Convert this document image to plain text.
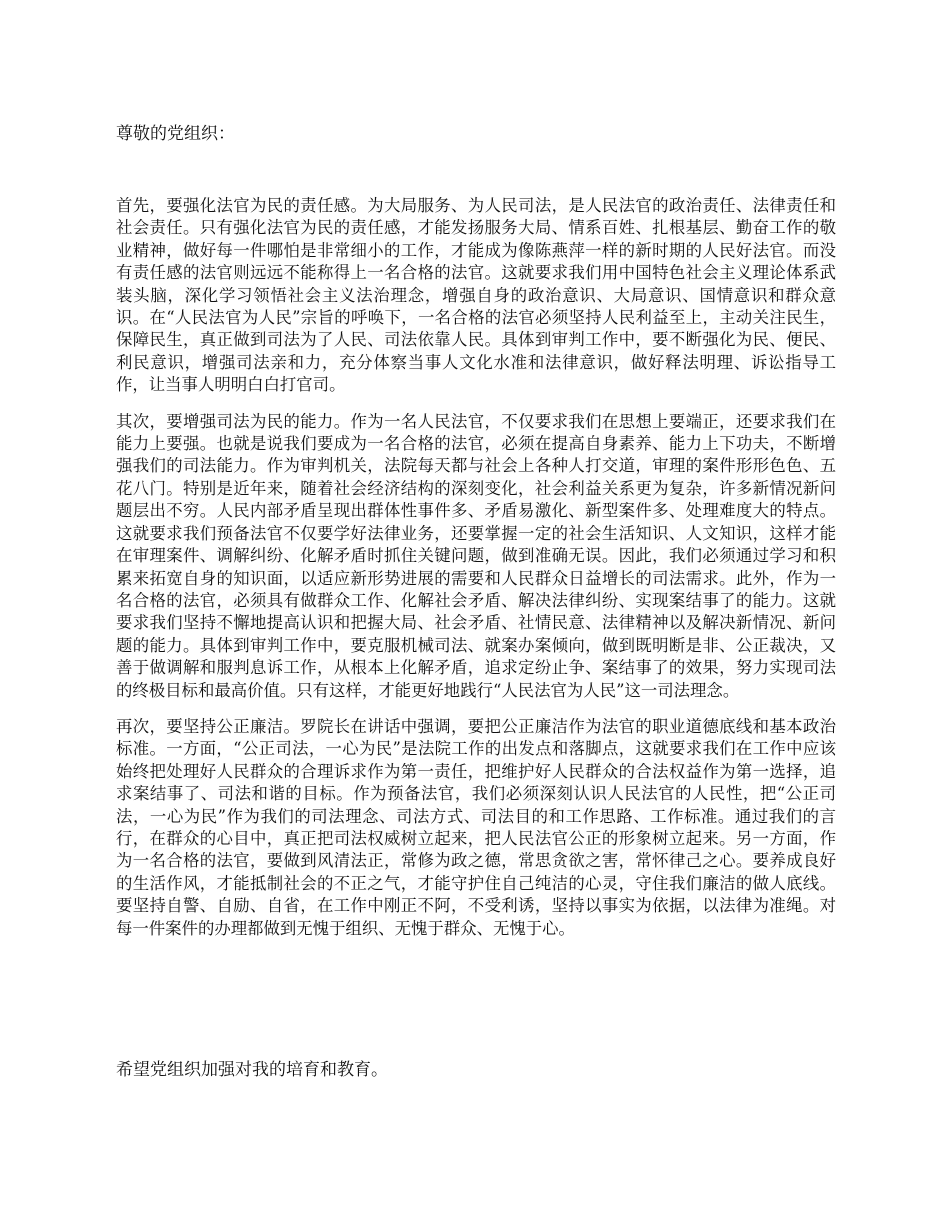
尊敬的党组织：

首先，要强化法官为民的责任感。为大局服务、为人民司法，是人民法官的政治责任、法律责任和社会责任。只有强化法官为民的责任感，才能发扬服务大局、情系百姓、扎根基层、勤奋工作的敬业精神，做好每一件哪怕是非常细小的工作，才能成为像陈燕萍一样的新时期的人民好法官。而没有责任感的法官则远远不能称得上一名合格的法官。这就要求我们用中国特色社会主义理论体系武装头脑，深化学习领悟社会主义法治理念，增强自身的政治意识、大局意识、国情意识和群众意识。在“人民法官为人民”宗旨的呼唤下，一名合格的法官必须坚持人民利益至上，主动关注民生，保障民生，真正做到司法为了人民、司法依靠人民。具体到审判工作中，要不断强化为民、便民、利民意识，增强司法亲和力，充分体察当事人文化水准和法律意识，做好释法明理、诉讼指导工作，让当事人明明白白打官司。

其次，要增强司法为民的能力。作为一名人民法官，不仅要求我们在思想上要端正，还要求我们在能力上要强。也就是说我们要成为一名合格的法官，必须在提高自身素养、能力上下功夫，不断增强我们的司法能力。作为审判机关，法院每天都与社会上各种人打交道，审理的案件形形色色、五花八门。特别是近年来，随着社会经济结构的深刻变化，社会利益关系更为复杂，许多新情况新问题层出不穷。人民内部矛盾呈现出群体性事件多、矛盾易激化、新型案件多、处理难度大的特点。这就要求我们预备法官不仅要学好法律业务，还要掌握一定的社会生活知识、人文知识，这样才能在审理案件、调解纠纷、化解矛盾时抓住关键问题，做到准确无误。因此，我们必须通过学习和积累来拓宽自身的知识面，以适应新形势进展的需要和人民群众日益增长的司法需求。此外，作为一名合格的法官，必须具有做群众工作、化解社会矛盾、解决法律纠纷、实现案结事了的能力。这就要求我们坚持不懈地提高认识和把握大局、社会矛盾、社情民意、法律精神以及解决新情况、新问题的能力。具体到审判工作中，要克服机械司法、就案办案倾向，做到既明断是非、公正裁决，又善于做调解和服判息诉工作，从根本上化解矛盾，追求定纷止争、案结事了的效果，努力实现司法的终极目标和最高价值。只有这样，才能更好地践行“人民法官为人民”这一司法理念。

再次，要坚持公正廉洁。罗院长在讲话中强调，要把公正廉洁作为法官的职业道德底线和基本政治标准。一方面，“公正司法，一心为民”是法院工作的出发点和落脚点，这就要求我们在工作中应该始终把处理好人民群众的合理诉求作为第一责任，把维护好人民群众的合法权益作为第一选择，追求案结事了、司法和谐的目标。作为预备法官，我们必须深刻认识人民法官的人民性，把“公正司法，一心为民”作为我们的司法理念、司法方式、司法目的和工作思路、工作标准。通过我们的言行，在群众的心目中，真正把司法权威树立起来，把人民法官公正的形象树立起来。另一方面，作为一名合格的法官，要做到风清法正，常修为政之德，常思贪欲之害，常怀律己之心。要养成良好的生活作风，才能抵制社会的不正之气，才能守护住自己纯洁的心灵，守住我们廉洁的做人底线。要坚持自警、自励、自省，在工作中刚正不阿，不受利诱，坚持以事实为依据，以法律为准绳。对每一件案件的办理都做到无愧于组织、无愧于群众、无愧于心。

希望党组织加强对我的培育和教育。
